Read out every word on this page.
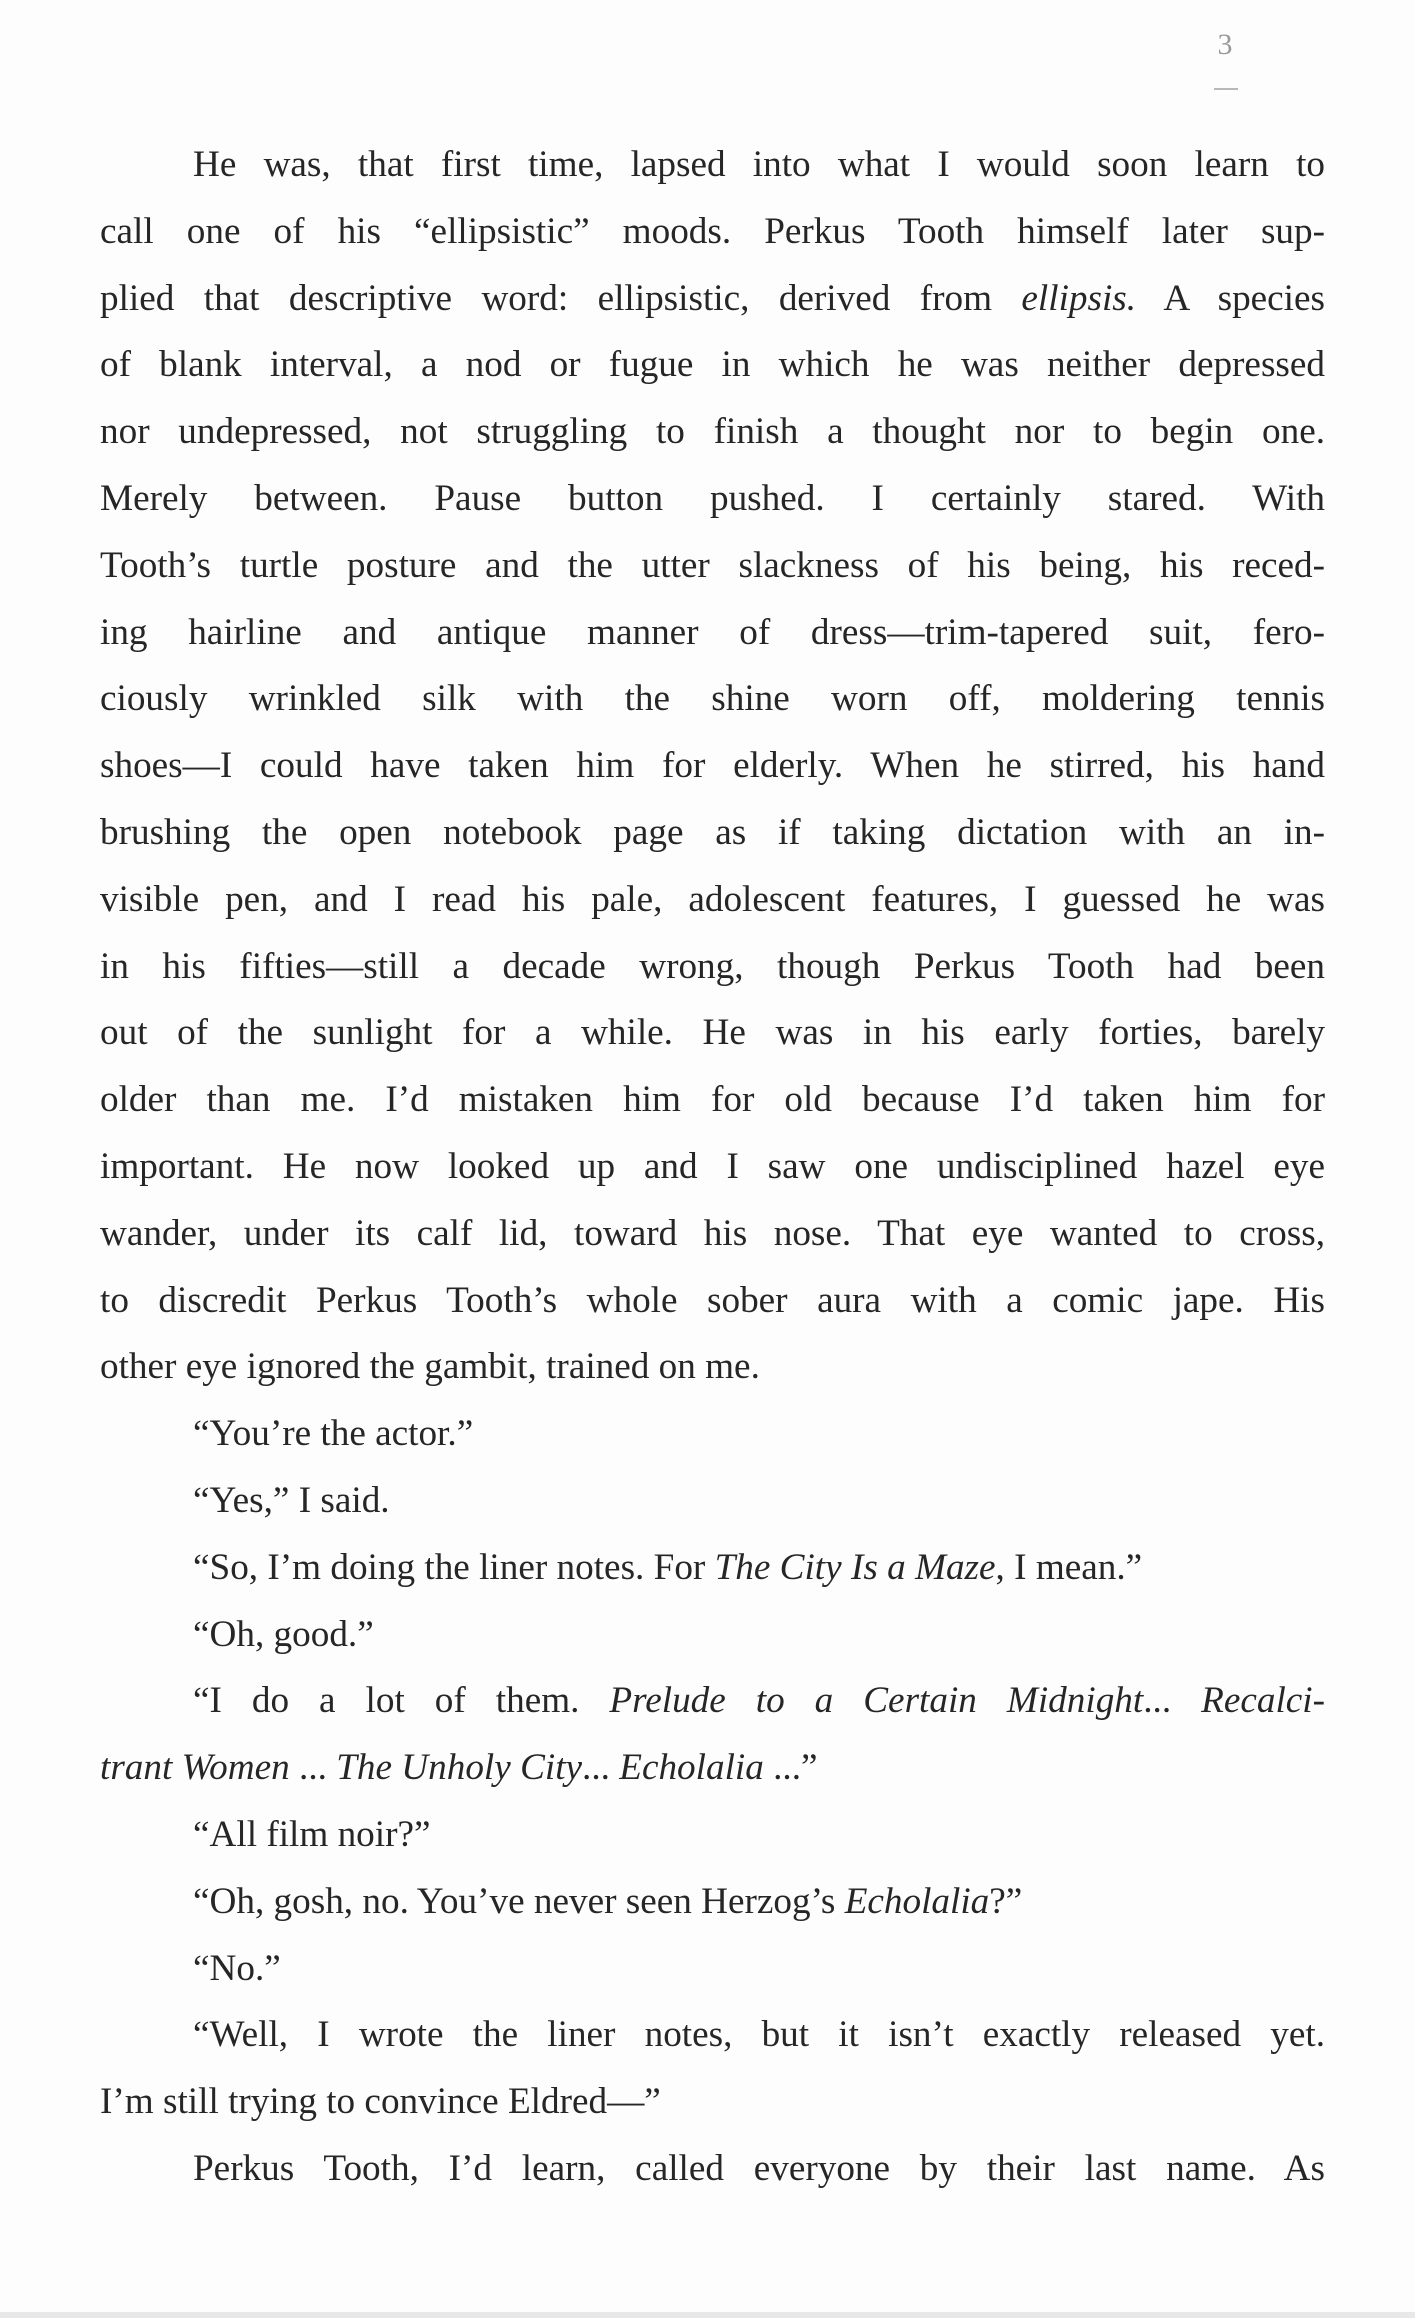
3

He was, that first time, lapsed into what I would soon learn to
call one of his “ellipsistic” moods. Perkus Tooth himself later sup-
plied that descriptive word: ellipsistic, derived from ellipsis. A species
of blank interval, a nod or fugue in which he was neither depressed
nor undepressed, not struggling to finish a thought nor to begin one.
Merely between. Pause button pushed. I certainly stared. With
Tooth’s turtle posture and the utter slackness of his being, his reced-
ing hairline and antique manner of dress—trim-tapered suit, fero-
ciously wrinkled silk with the shine worn off, moldering tennis
shoes—I could have taken him for elderly. When he stirred, his hand
brushing the open notebook page as if taking dictation with an in-
visible pen, and I read his pale, adolescent features, I guessed he was
in his fifties—still a decade wrong, though Perkus Tooth had been
out of the sunlight for a while. He was in his early forties, barely
older than me. I’d mistaken him for old because I’d taken him for
important. He now looked up and I saw one undisciplined hazel eye
wander, under its calf lid, toward his nose. That eye wanted to cross,
to discredit Perkus Tooth’s whole sober aura with a comic jape. His
other eye ignored the gambit, trained on me.

“You’re the actor.”

“Yes,” I said.

“So, I’m doing the liner notes. For The City Is a Maze, I mean.”

“Oh, good.”

“I do a lot of them. Prelude to a Certain Midnight... Recalci-
trant Women ... The Unholy City... Echolalia ...”

“All film noir?”

“Oh, gosh, no. You’ve never seen Herzog’s Echolalia?”

“No.”

“Well, I wrote the liner notes, but it isn’t exactly released yet.
I’m still trying to convince Eldred—”

Perkus Tooth, I’d learn, called everyone by their last name. As
